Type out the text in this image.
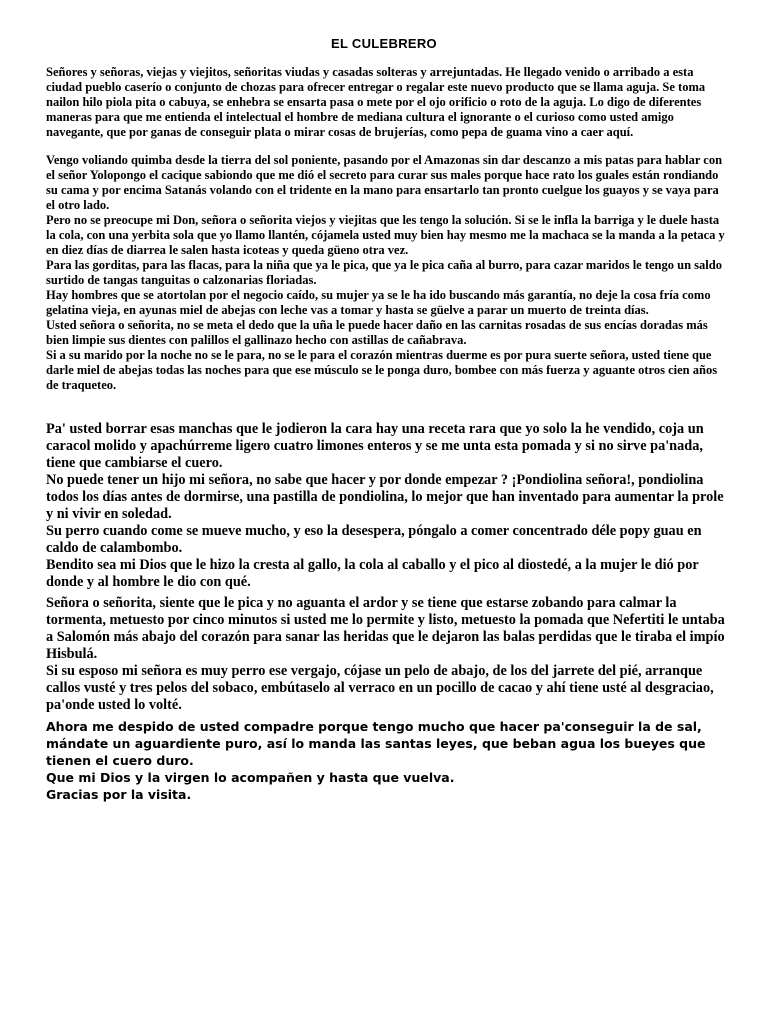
EL CULEBRERO

Señores y señoras, viejas y viejitos, señoritas viudas y casadas solteras y arrejuntadas. He llegado venido o arribado a esta ciudad pueblo caserío o conjunto de chozas para ofrecer entregar o regalar este nuevo producto que se llama aguja. Se toma nailon hilo piola pita o cabuya, se enhebra se ensarta pasa o mete por el ojo orificio o roto de la aguja. Lo digo de diferentes maneras para que me entienda el intelectual el hombre de mediana cultura el ignorante o el curioso como usted amigo navegante, que por ganas de conseguir plata o mirar cosas de brujerías, como pepa de guama vino a caer aquí.

Vengo voliando quimba desde la tierra del sol poniente, pasando por el Amazonas sin dar descanzo a mis patas para hablar con el señor Yolopongo el cacique sabiondo que me dió el secreto para curar sus males porque hace rato los guales están rondiando su cama y por encima Satanás volando con el tridente en la mano para ensartarlo tan pronto cuelgue los guayos y se vaya para el otro lado.

Pero no se preocupe mi Don, señora o señorita viejos y viejitas que les tengo la solución. Si se le infla la barriga y le duele hasta la cola, con una yerbita sola que yo llamo llantén, cójamela usted muy bien hay mesmo me la machaca se la manda a la petaca y en diez días de diarrea le salen hasta icoteas y queda güeno otra vez.

Para las gorditas, para las flacas, para la niña que ya le pica, que ya le pica caña al burro, para cazar maridos le tengo un saldo surtido de tangas tanguitas o calzonarias floriadas.

Hay hombres que se atortolan por el negocio caído, su mujer ya se le ha ido buscando más garantía, no deje la cosa fría como gelatina vieja, en ayunas miel de abejas con leche vas a tomar y hasta se güelve a parar un muerto de treinta días.

Usted señora o señorita, no se meta el dedo que la uña le puede hacer daño en las carnitas rosadas de sus encías doradas más bien limpie sus dientes con palillos el gallinazo hecho con astillas de cañabrava.

Si a su marido por la noche no se le para, no se le para el corazón mientras duerme es por pura suerte señora, usted tiene que darle miel de abejas todas las noches para que ese músculo se le ponga duro, bombee con más fuerza y aguante otros cien años de traqueteo.

Pa' usted borrar esas manchas que le jodieron la cara hay una receta rara que yo solo la he vendido, coja un caracol molido y apachúrreme ligero cuatro limones enteros y se me unta esta pomada y si no sirve pa'nada, tiene que cambiarse el cuero.

No puede tener un hijo mi señora, no sabe que hacer y por donde empezar ? ¡Pondiolina señora!, pondiolina todos los días antes de dormirse, una pastilla de pondiolina, lo mejor que han inventado para aumentar la prole y ni vivir en soledad.

Su perro cuando come se mueve mucho, y eso la desespera, póngalo a comer concentrado déle popy guau en caldo de calambombo.

Bendito sea mi Dios que le hizo la cresta al gallo, la cola al caballo y el pico al diostedé, a la mujer le dió por donde y al hombre le dio con qué.

Señora o señorita, siente que le pica y no aguanta el ardor y se tiene que estarse zobando para calmar la tormenta, metuesto por cinco minutos si usted me lo permite y listo, metuesto la pomada que Nefertiti le untaba a Salomón más abajo del corazón para sanar las heridas que le dejaron las balas perdidas que le tiraba el impío Hisbulá.

Si su esposo mi señora es muy perro ese vergajo, cójase un pelo de abajo, de los del jarrete del pié, arranque callos vusté y tres pelos del sobaco, embútaselo al verraco en un pocillo de cacao y ahí tiene usté al desgraciao, pa'onde usted lo volté.

Ahora me despido de usted compadre porque tengo mucho que hacer pa'conseguir la de sal, mándate un aguardiente puro, así lo manda las santas leyes, que beban agua los bueyes que tienen el cuero duro.

Que mi Dios y la virgen lo acompañen y hasta que vuelva.

Gracias por la visita.
